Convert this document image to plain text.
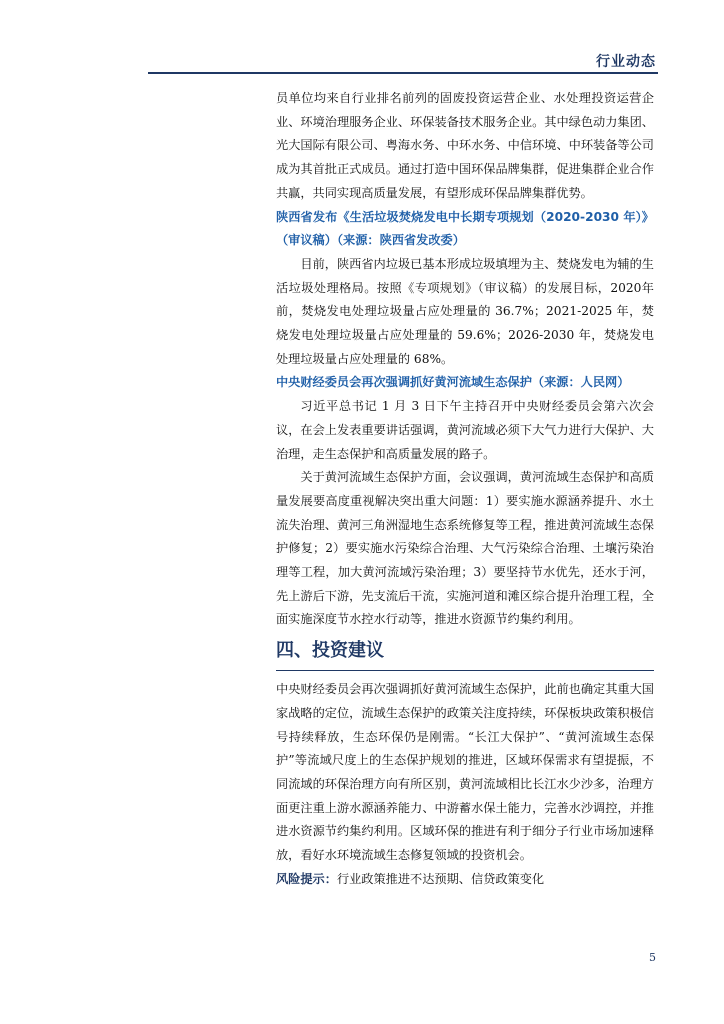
行业动态

员单位均来自行业排名前列的固废投资运营企业、水处理投资运营企业、环境治理服务企业、环保装备技术服务企业。其中绿色动力集团、光大国际有限公司、粤海水务、中环水务、中信环境、中环装备等公司成为其首批正式成员。通过打造中国环保品牌集群，促进集群企业合作共赢，共同实现高质量发展，有望形成环保品牌集群优势。

陕西省发布《生活垃圾焚烧发电中长期专项规划（2020-2030 年）》（审议稿）（来源：陕西省发改委）

目前，陕西省内垃圾已基本形成垃圾填埋为主、焚烧发电为辅的生活垃圾处理格局。按照《专项规划》（审议稿）的发展目标，2020年前，焚烧发电处理垃圾量占应处理量的 36.7%；2021-2025 年，焚烧发电处理垃圾量占应处理量的 59.6%；2026-2030 年，焚烧发电处理垃圾量占应处理量的 68%。

中央财经委员会再次强调抓好黄河流域生态保护（来源：人民网）

习近平总书记 1 月 3 日下午主持召开中央财经委员会第六次会议，在会上发表重要讲话强调，黄河流域必须下大气力进行大保护、大治理，走生态保护和高质量发展的路子。

关于黄河流域生态保护方面，会议强调，黄河流域生态保护和高质量发展要高度重视解决突出重大问题：1）要实施水源涵养提升、水土流失治理、黄河三角洲湿地生态系统修复等工程，推进黄河流域生态保护修复；2）要实施水污染综合治理、大气污染综合治理、土壤污染治理等工程，加大黄河流域污染治理；3）要坚持节水优先，还水于河，先上游后下游，先支流后干流，实施河道和滩区综合提升治理工程，全面实施深度节水控水行动等，推进水资源节约集约利用。

四、投资建议

中央财经委员会再次强调抓好黄河流域生态保护，此前也确定其重大国家战略的定位，流域生态保护的政策关注度持续，环保板块政策积极信号持续释放，生态环保仍是刚需。“长江大保护”、“黄河流域生态保护”等流域尺度上的生态保护规划的推进，区域环保需求有望提振，不同流域的环保治理方向有所区别，黄河流域相比长江水少沙多，治理方面更注重上游水源涵养能力、中游蓄水保土能力，完善水沙调控，并推进水资源节约集约利用。区域环保的推进有利于细分子行业市场加速释放，看好水环境流域生态修复领域的投资机会。

风险提示：行业政策推进不达预期、信贷政策变化

5
